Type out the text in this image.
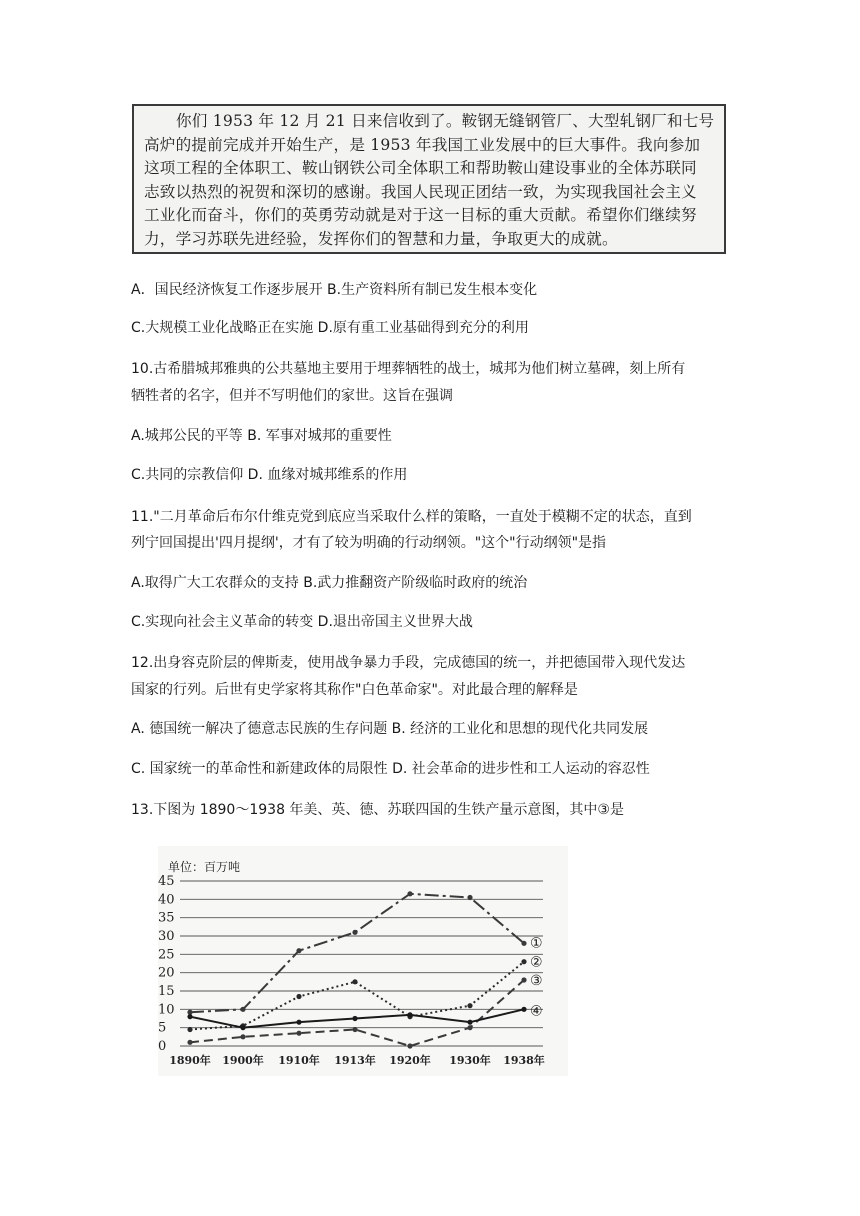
你们 1953 年 12 月 21 日来信收到了。鞍钢无缝钢管厂、大型轧钢厂和七号
高炉的提前完成并开始生产，是 1953 年我国工业发展中的巨大事件。我向参加
这项工程的全体职工、鞍山钢铁公司全体职工和帮助鞍山建设事业的全体苏联同
志致以热烈的祝贺和深切的感谢。我国人民现正团结一致，为实现我国社会主义
工业化而奋斗，你们的英勇劳动就是对于这一目标的重大贡献。希望你们继续努
力，学习苏联先进经验，发挥你们的智慧和力量，争取更大的成就。
A．国民经济恢复工作逐步展开 B.生产资料所有制已发生根本变化
C.大规模工业化战略正在实施 D.原有重工业基础得到充分的利用
10.古希腊城邦雅典的公共墓地主要用于埋葬牺牲的战士，城邦为他们树立墓碑，刻上所有
牺牲者的名字，但并不写明他们的家世。这旨在强调
A.城邦公民的平等 B. 军事对城邦的重要性
C.共同的宗教信仰 D. 血缘对城邦维系的作用
11."二月革命后布尔什维克党到底应当采取什么样的策略，一直处于模糊不定的状态，直到
列宁回国提出'四月提纲'，才有了较为明确的行动纲领。"这个"行动纲领"是指
A.取得广大工农群众的支持 B.武力推翻资产阶级临时政府的统治
C.实现向社会主义革命的转变 D.退出帝国主义世界大战
12.出身容克阶层的俾斯麦，使用战争暴力手段，完成德国的统一，并把德国带入现代发达
国家的行列。后世有史学家将其称作"白色革命家"。对此最合理的解释是
A. 德国统一解决了德意志民族的生存问题 B. 经济的工业化和思想的现代化共同发展
C. 国家统一的革命性和新建政体的局限性 D. 社会革命的进步性和工人运动的容忍性
13.下图为 1890～1938 年美、英、德、苏联四国的生铁产量示意图，其中③是
单位：百万吨
0
5
10
15
20
25
30
35
40
45
1890年 1900年 1910年 1913年 1920年 1930年 1938年
①
②
③
④
